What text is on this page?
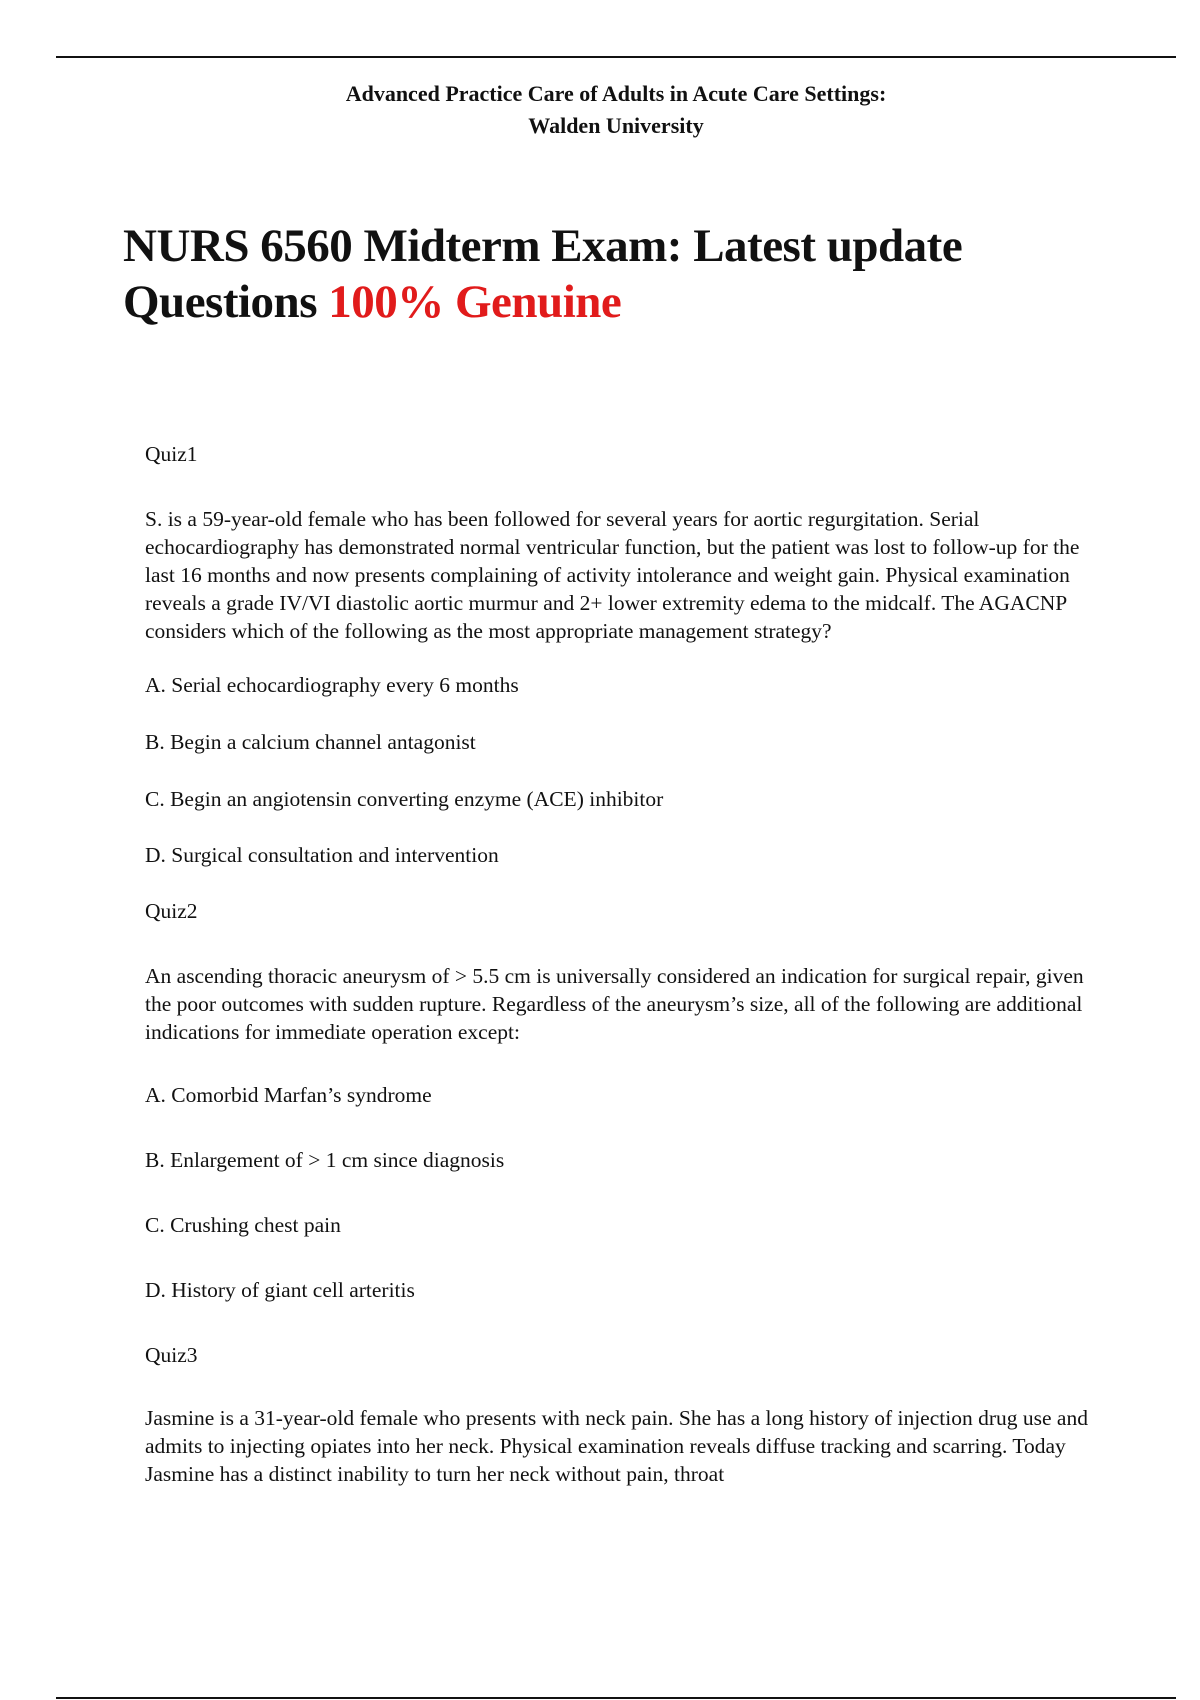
Advanced Practice Care of Adults in Acute Care Settings:
Walden University
NURS 6560 Midterm Exam: Latest update
Questions 100% Genuine

Quiz1

S. is a 59-year-old female who has been followed for several years for aortic regurgitation. Serial echocardiography has demonstrated normal ventricular function, but the patient was lost to follow-up for the last 16 months and now presents complaining of activity intolerance and weight gain. Physical examination reveals a grade IV/VI diastolic aortic murmur and 2+ lower extremity edema to the midcalf. The AGACNP considers which of the following as the most appropriate management strategy?

A. Serial echocardiography every 6 months

B. Begin a calcium channel antagonist

C. Begin an angiotensin converting enzyme (ACE) inhibitor

D. Surgical consultation and intervention

Quiz2

An ascending thoracic aneurysm of > 5.5 cm is universally considered an indication for surgical repair, given the poor outcomes with sudden rupture. Regardless of the aneurysm’s size, all of the following are additional indications for immediate operation except:

A. Comorbid Marfan’s syndrome

B. Enlargement of > 1 cm since diagnosis

C. Crushing chest pain

D. History of giant cell arteritis

Quiz3

Jasmine is a 31-year-old female who presents with neck pain. She has a long history of injection drug use and admits to injecting opiates into her neck. Physical examination reveals diffuse tracking and scarring. Today Jasmine has a distinct inability to turn her neck without pain, throat
